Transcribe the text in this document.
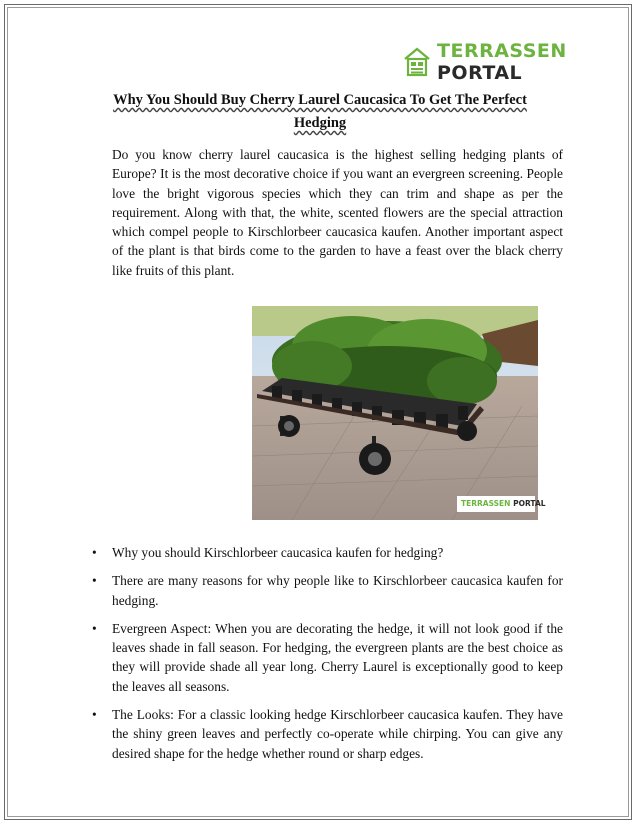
TERRASSEN PORTAL
Why You Should Buy Cherry Laurel Caucasica To Get The Perfect Hedging
Do you know cherry laurel caucasica is the highest selling hedging plants of Europe? It is the most decorative choice if you want an evergreen screening. People love the bright vigorous species which they can trim and shape as per the requirement. Along with that, the white, scented flowers are the special attraction which compel people to Kirschlorbeer caucasica kaufen. Another important aspect of the plant is that birds come to the garden to have a feast over the black cherry like fruits of this plant.
TERRASSEN PORTAL
• Why you should Kirschlorbeer caucasica kaufen for hedging?
• There are many reasons for why people like to Kirschlorbeer caucasica kaufen for hedging.
• Evergreen Aspect: When you are decorating the hedge, it will not look good if the leaves shade in fall season. For hedging, the evergreen plants are the best choice as they will provide shade all year long. Cherry Laurel is exceptionally good to keep the leaves all seasons.
• The Looks: For a classic looking hedge Kirschlorbeer caucasica kaufen. They have the shiny green leaves and perfectly co-operate while chirping. You can give any desired shape for the hedge whether round or sharp edges.
